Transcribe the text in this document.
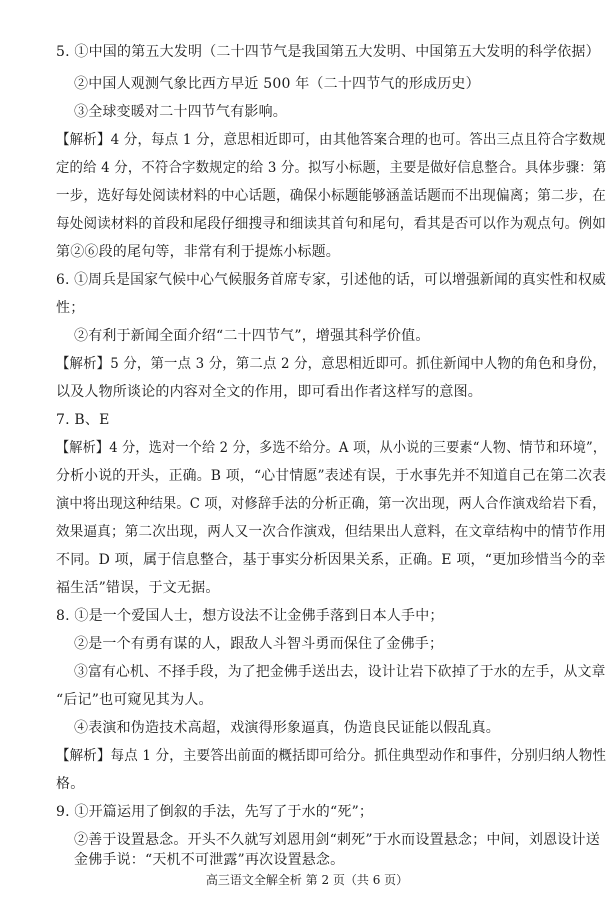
5. ①中国的第五大发明（二十四节气是我国第五大发明、中国第五大发明的科学依据）
②中国人观测气象比西方早近 500 年（二十四节气的形成历史）
③全球变暖对二十四节气有影响。
【解析】4 分，每点 1 分，意思相近即可，由其他答案合理的也可。答出三点且符合字数规
定的给 4 分，不符合字数规定的给 3 分。拟写小标题，主要是做好信息整合。具体步骤：第
一步，选好每处阅读材料的中心话题，确保小标题能够涵盖话题而不出现偏离；第二步，在
每处阅读材料的首段和尾段仔细搜寻和细读其首句和尾句，看其是否可以作为观点句。例如
第②⑥段的尾句等，非常有利于提炼小标题。
6. ①周兵是国家气候中心气候服务首席专家，引述他的话，可以增强新闻的真实性和权威
性；
②有利于新闻全面介绍“二十四节气”，增强其科学价值。
【解析】5 分，第一点 3 分，第二点 2 分，意思相近即可。抓住新闻中人物的角色和身份，
以及人物所谈论的内容对全文的作用，即可看出作者这样写的意图。
7. B、E
【解析】4 分，选对一个给 2 分，多选不给分。A 项，从小说的三要素“人物、情节和环境”，
分析小说的开头，正确。B 项，“心甘情愿”表述有误，于水事先并不知道自己在第二次表
演中将出现这种结果。C 项，对修辞手法的分析正确，第一次出现，两人合作演戏给岩下看，
效果逼真；第二次出现，两人又一次合作演戏，但结果出人意料，在文章结构中的情节作用
不同。D 项，属于信息整合，基于事实分析因果关系，正确。E 项，“更加珍惜当今的幸
福生活”错误，于文无据。
8. ①是一个爱国人士，想方设法不让金佛手落到日本人手中；
②是一个有勇有谋的人，跟敌人斗智斗勇而保住了金佛手；
③富有心机、不择手段，为了把金佛手送出去，设计让岩下砍掉了于水的左手，从文章
“后记”也可窥见其为人。
④表演和伪造技术高超，戏演得形象逼真，伪造良民证能以假乱真。
【解析】每点 1 分，主要答出前面的概括即可给分。抓住典型动作和事件，分别归纳人物性
格。
9. ①开篇运用了倒叙的手法，先写了于水的“死”；
②善于设置悬念。开头不久就写刘恩用剑“刺死”于水而设置悬念；中间，刘恩设计送
金佛手说：“天机不可泄露”再次设置悬念。
高三语文全解全析 第 2 页（共 6 页）
